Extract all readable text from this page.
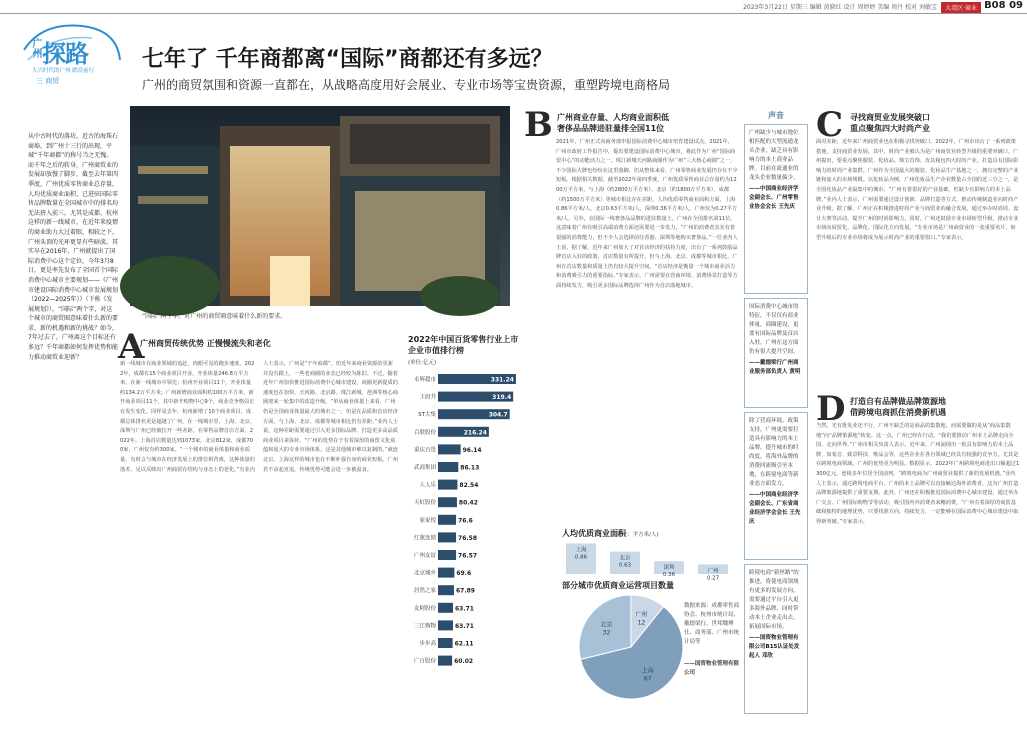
2023年3月22日 星期三 编辑 黄晓红 设计 周婷婷 美编 周丹 校对 刘敏宝	大湾区·商业 B08 09
广州 探路
大兴时代的广州 踏浪前行
三 商贸
七年了 千年商都离“国际”商都还有多远？
广州的商贸氛围和资源一直都在，从战略高度用好会展业、专业市场等宝贵资源，重塑跨境电商格局
从中古时代的落坊，近古的海珠石商埠，到广州十三行的出现，平城“千年商都”的称号当之无愧。而千年之后的转身，广州商贸业的发展却放慢了脚步，截至去年第四季度，广州优质零售商业总存量，人均优质商业面积、已进驻国际零售品牌数量在全国城市中的排名均无法挤入前三。尤其是成都、杭州这样的新一线城市，在近年来疫情的商业助力大过着眼，相较之下，广州头顶的光环更显有些暗淡。其实早在2016年，广州就提出了国际消费中心这个定位。今年3月8日，更是率先发布了全国首个国际消费中心城市主要规划——《广州市建设国际消费中心城市发展规划（2022—2025年）》（下称《发展规划》）。“国际”两个字，对这个城市的商贸圈意味着什么新的要求、新的机遇和新的挑战？如今，7年过去了，广州离这个目标还有多远？千年商都如何发挥优势和能力推动商贸业迎新？
“国际”两个字，对广州的商贸圈意味着什么新的要求。
A
广州商贸传统优势 正慢慢流失和老化
新一线城市在商业领域的追赶，肉眼可见的跑步速度。2022年，成都有15个商业项目开业，开业体量246.8万平方米，在新一线城市中领先；杭州开业项目11个，开业体量约134.2万平方米；广州新增商业面积约100万平方米，新开商业项目11个，其中新开购物中心9个，商业竞争格局正在发生变化。同样是去年，杭州新增了10个商业项目，成都总体排名更是超越了广州，在一线城市里，上海、北京、深圳与广州已经被拉开一些差距。在零售品牌首店方面，2022年，上海首店数量达到1073家，北京812家，成都700家，广州仅有约300家。“一个城市的商业体量和商业质量，有时会与城市在经济发展上的排位相背离，这种体量的落差，足以反映出广州商贸在结构与业态上的老化。”有业内人士表示，广州是“干年商都”，但近年来商业资源的更新并没有跟上，一些老商圈的业态已经较为陈旧。不过，随着近年广州加快推进国际消费中心城市建设，商圈更新提质的速度也在加快，天河路、北京路、珠江新城、琶洲等核心商圈迎来一轮集中的改造升级。“单从商业体量上来看，广州仍是全国商业体量最大的城市之一，但是在品质和首店经济方面，与上海、北京、成都等城市相比仍有差距。”业内人士说，这种差距需要通过引入更多国际品牌、打造更多高品质商业项目来弥补。“广州的优势在于有着深厚的商贸文化底蕴和庞大的专业市场体系，这是其他城市难以复制的。”就连北京、上海这样的城市也在不断补强自身的商业短板，广州若不奋起直追，传统优势可能会进一步被蚕食。
2022年中国百货零售行业上市企业市值排行榜
(单位:亿元)
永辉超市	331.24
王府井	319.4
ST大集	304.7
百联股份	216.24
重庆百货	96.14
武商集团	86.13
人人乐	82.54
天虹股份	80.42
家家悦	76.6
红旗连锁	76.58
广州友谊	76.57
北京城乡	69.6
居然之家	67.89
友阿股份	63.71
三江购物	63.71
步步高	62.11
广百股份	60.02
B 广州商业存量、人均商业面积低
奢侈品品牌进驻量排全国11位
2021年，广州正式向商务部申报国际消费中心城市培育建设试点。2021年，广州市政府工作报告中，提出要建设国际消费中心城市，将此作为广州“国际商贸中心”的动能活力之一。珠江新城天河路商圈作为广州“三大核心商圈”之一，不少国际大牌也纷纷在这里落脚。但从整体来看，广州零售商业发展仍存在不少短板。根据相关数据，截至2022年第四季度，广州优质零售商业总存量约为1200万平方米，与上海（约2800万平方米）、北京（约1800万平方米）、成都（约1500万平方米）等城市相比存在差距。人均优质零售商业面积方面，上海0.86平方米/人，北京0.63平方米/人，深圳0.36平方米/人，广州仅为0.27平方米/人。另外，在国际一线奢侈品品牌的进驻数量上，广州在全国排名第11位。这意味着广州在吸引高端消费方面还需要进一步发力。“广州的消费者其实有着很强的消费能力，但不少人会选择前往香港、深圳等地购买奢侈品。”一位业内人士说。据了解，近年来广州加大了对首店经济的扶持力度，出台了一系列鼓励品牌首店入驻的政策，首店数量有所提升。但与上海、北京、成都等城市相比，广州在首店数量和质量上仍有较大提升空间。“首店经济是衡量一个城市商业活力和消费吸引力的重要指标。”专家表示，广州需要在营商环境、消费场景打造等方面持续发力，吸引更多国际品牌选择广州作为首店落地城市。
人均优质商业面积
(单位：平方米/人)
上海
0.86	北京
0.63	深圳
0.36
广州
0.27
部分城市优质商业运营项目数量
广州
12
上海
67
北京
32
数据来源：成都零售商协会、杭州市统计局、戴德梁行、世邦魏理仕、商务部、广州市统计局等
——国资物业管理有限公司
声音
广州缺少与城市地位相匹配的大型流通龙头企业，缺乏具有影响力的本土商业品牌。目前在流通业的龙头企业数量偏少。
——中国商业经济学会副会长、广州零售业协会会长 王先庆
国际消费中心城市的特征，不仅仅有商业体量，商圈建设，更要有国际品牌及首店入驻，广州在这方面仍有很大提升空间。
——戴德梁行广州商业服务部负责人 黄明
除了营商环境、政策支持，广州更需要打造具有影响力的本土品牌，提升城市的时尚度，将海外品牌的消费回流吸引至本地，在跨境电商等新业态方面发力。
——中国商业经济学会副会长、广东省商业经济学会会长 王先庆
跨境电商“新丝路”的推进，将使电商领域有更多的发展方向，需要通过平台引入更多海外品牌，同时带动本土企业走出去，拓展国际市场。
——国资物业管理有限公司B15认证处发起人 邓欣
C 寻找商贸业发展突破口
重点聚焦四大时尚产业
面对差距，近年来广州商贸业也在积极寻找突破口。2022年，广州市出台了一系列政策措施，支持商贸业发展。其中，时尚产业被认为是广州商贸业转型升级的重要突破口。广州提出，要重点聚焦服装、化妆品、珠宝首饰、皮具箱包四大时尚产业，打造具有国际影响力的时尚产业集群。广州作为全国最大的服装、化妆品生产基地之一，拥有完整的产业链和庞大的市场规模。以化妆品为例，广州化妆品生产企业数量占全国的近三分之一，是全国化妆品产业最集中的城市。“广州有着很好的产业基础，但缺少有影响力的本土品牌。”业内人士表示，广州需要通过设计创新、品牌打造等方式，推动传统制造业向时尚产业升级。据了解，广州正在积极推进时尚产业与商贸业的融合发展，通过举办时尚周、设计大赛等活动，提升广州的时尚影响力。同时，广州还鼓励专业市场转型升级，推动专业市场向展贸化、品牌化、国际化方向发展。“专业市场是广州商贸业的一张重要名片，转型升级后的专业市场将成为展示时尚产业的重要窗口。”专家表示。
D 打造自有品牌做品牌策源地
借跨境电商抓住消费新机遇
当然，光有批发业还不行，广州不缺乏的是商品的集散地，而需要做的是从“商品集散地”向“品牌策源地”转变。这一点，广州已经在行动。“我们要推动广州本土品牌走向全国、走向世界。”广州市相关负责人表示。近年来，广州涌现出一批具有影响力的本土品牌，如希音、致景科技、唯品会等，这些企业在各自领域已经具有较强的竞争力。尤其是在跨境电商领域，广州的优势更为明显。数据显示，2022年广州跨境电商进出口额超过1300亿元，连续多年位居全国前列。“跨境电商为广州商贸业提供了新的发展机遇。”业内人士表示，通过跨境电商平台，广州的本土品牌可以直接触达海外消费者，这为广州打造品牌策源地提供了重要支撑。此外，广州还在积极推进国际消费中心城市建设，通过举办广交会、广州国际购物节等活动，吸引国内外消费者来穗消费。“广州有着深厚的商贸基础和独特的地理优势，只要找准方向、持续发力，一定能够在国际消费中心城市建设中取得新突破。”专家表示。
